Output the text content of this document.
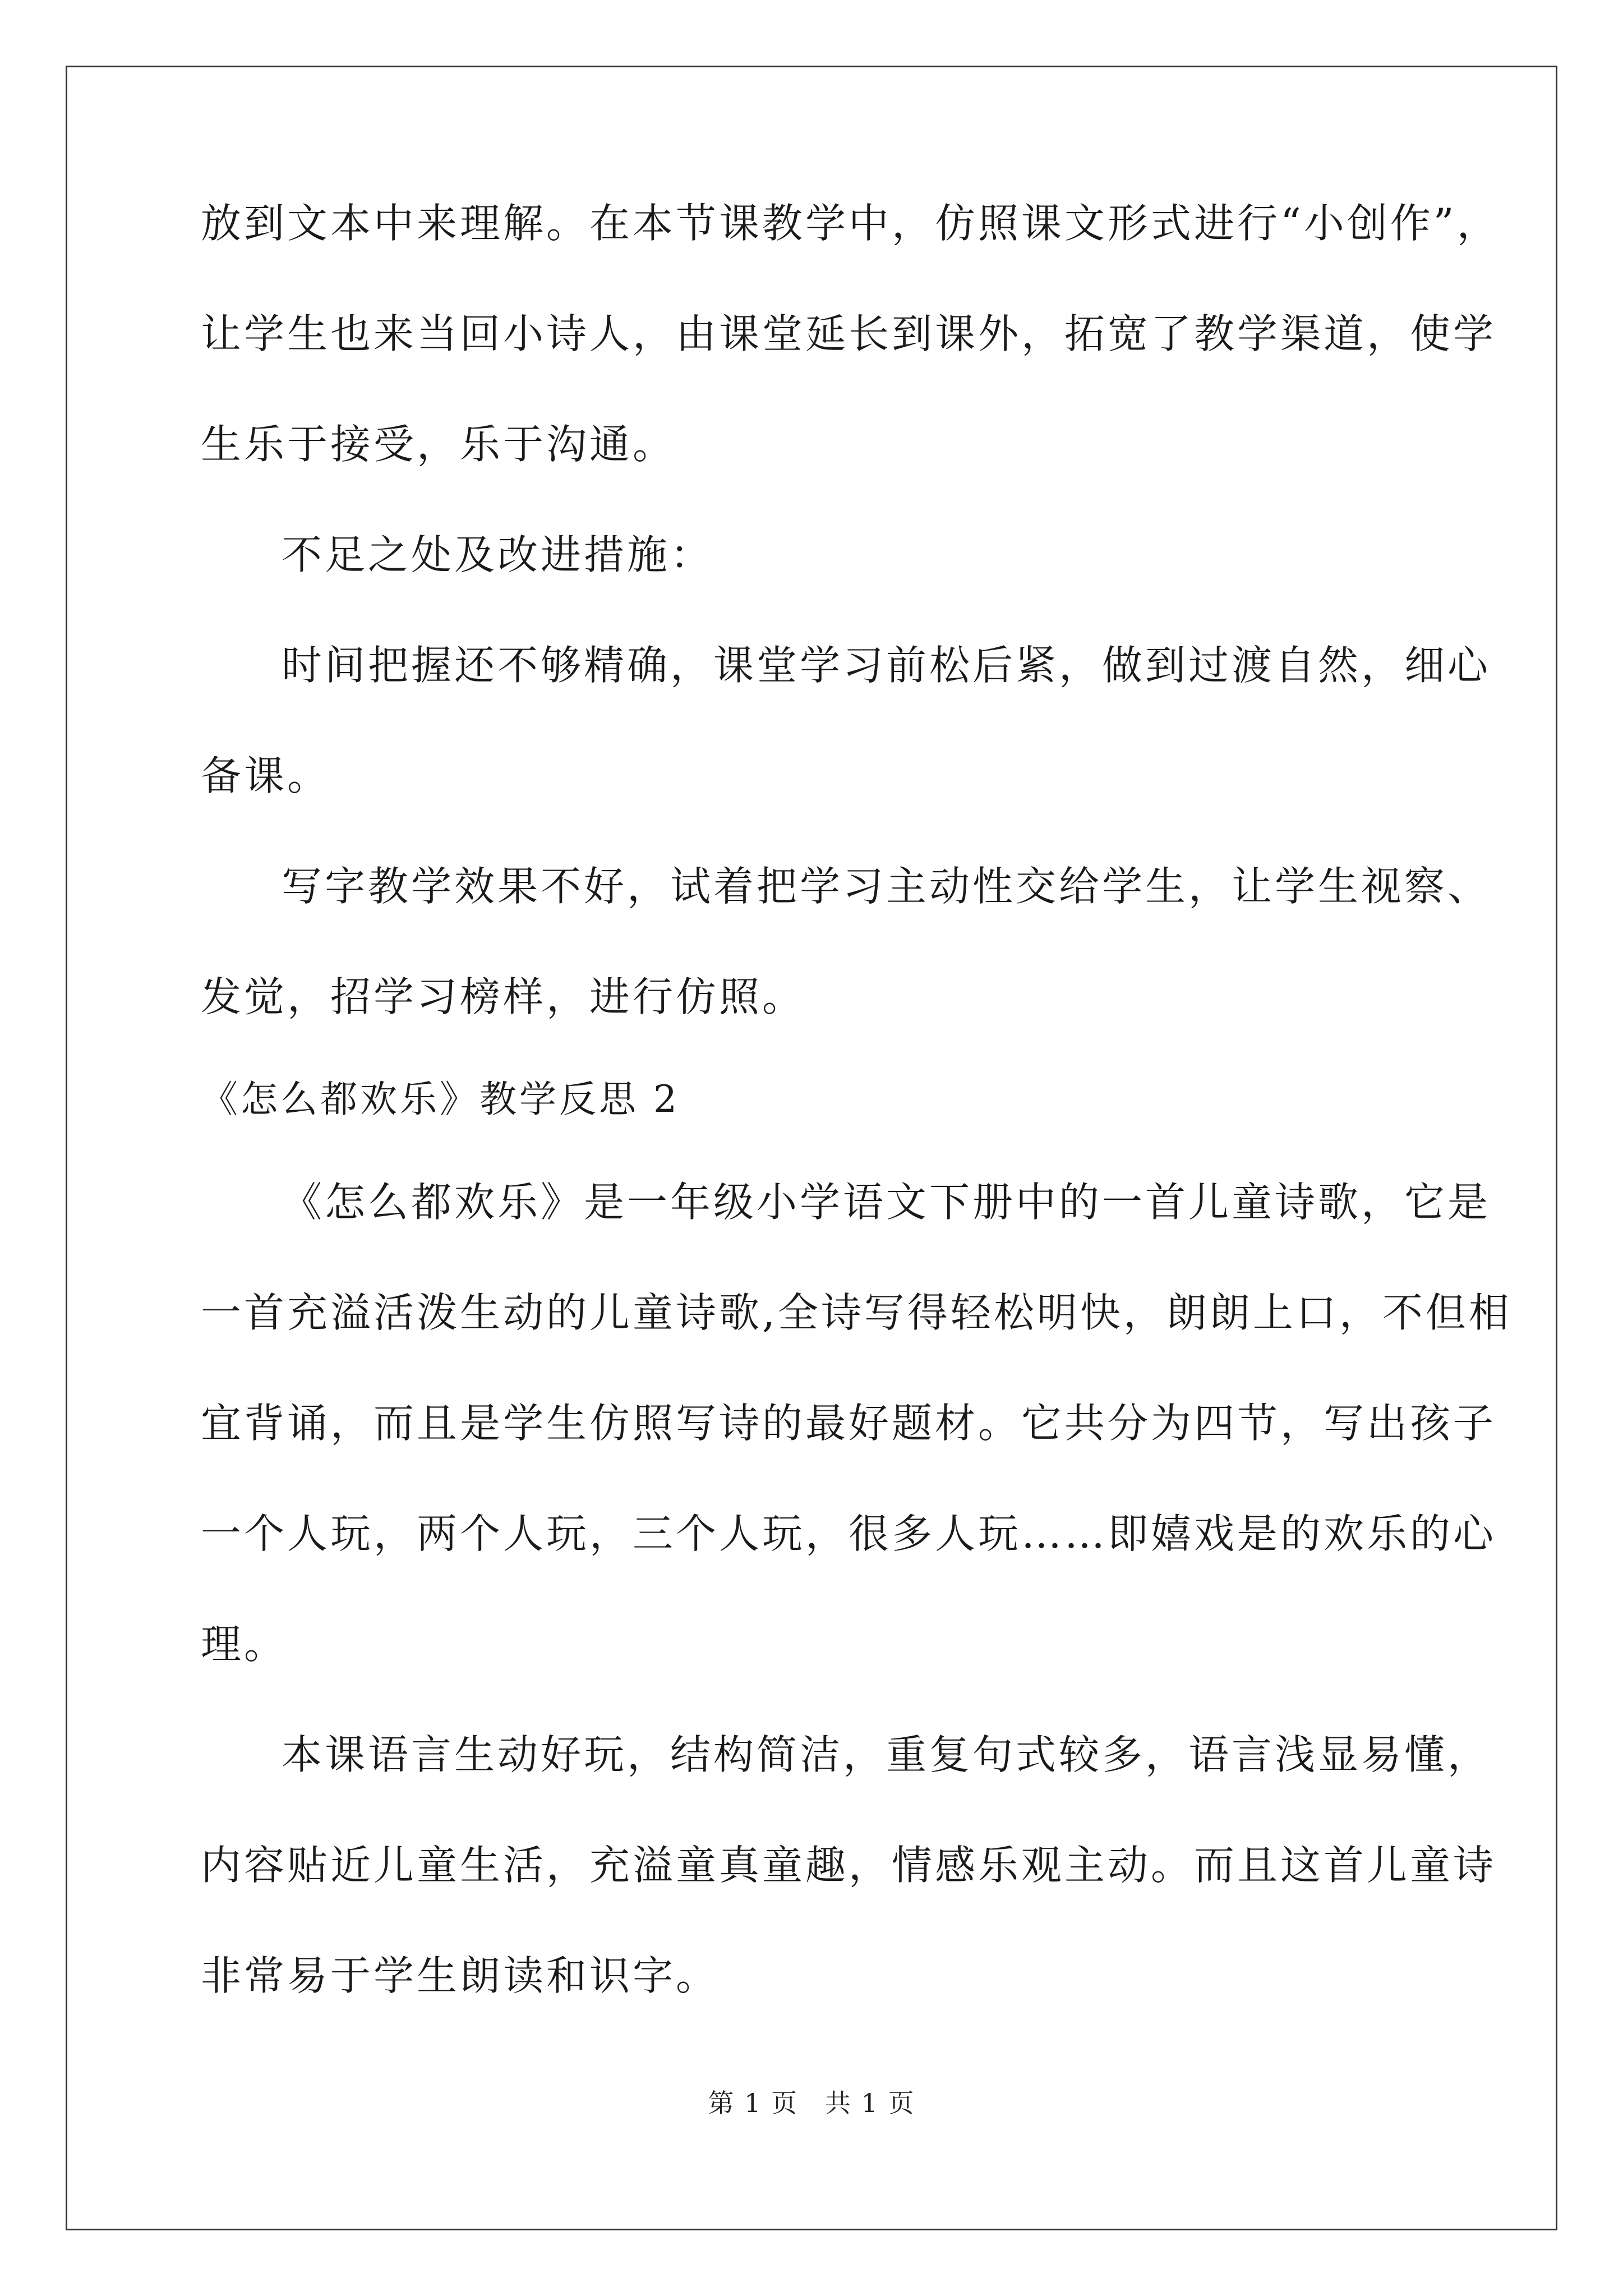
放到文本中来理解。在本节课教学中，仿照课文形式进行“小创作”，
让学生也来当回小诗人，由课堂延长到课外，拓宽了教学渠道，使学
生乐于接受，乐于沟通。
不足之处及改进措施：
时间把握还不够精确，课堂学习前松后紧，做到过渡自然，细心
备课。
写字教学效果不好，试着把学习主动性交给学生，让学生视察、
发觉，招学习榜样，进行仿照。
《怎么都欢乐》教学反思 2
《怎么都欢乐》是一年级小学语文下册中的一首儿童诗歌，它是
一首充溢活泼生动的儿童诗歌,全诗写得轻松明快，朗朗上口，不但相
宜背诵，而且是学生仿照写诗的最好题材。它共分为四节，写出孩子
一个人玩，两个人玩，三个人玩，很多人玩……即嬉戏是的欢乐的心
理。
本课语言生动好玩，结构简洁，重复句式较多，语言浅显易懂，
内容贴近儿童生活，充溢童真童趣，情感乐观主动。而且这首儿童诗
非常易于学生朗读和识字。
第 1 页　共 1 页
